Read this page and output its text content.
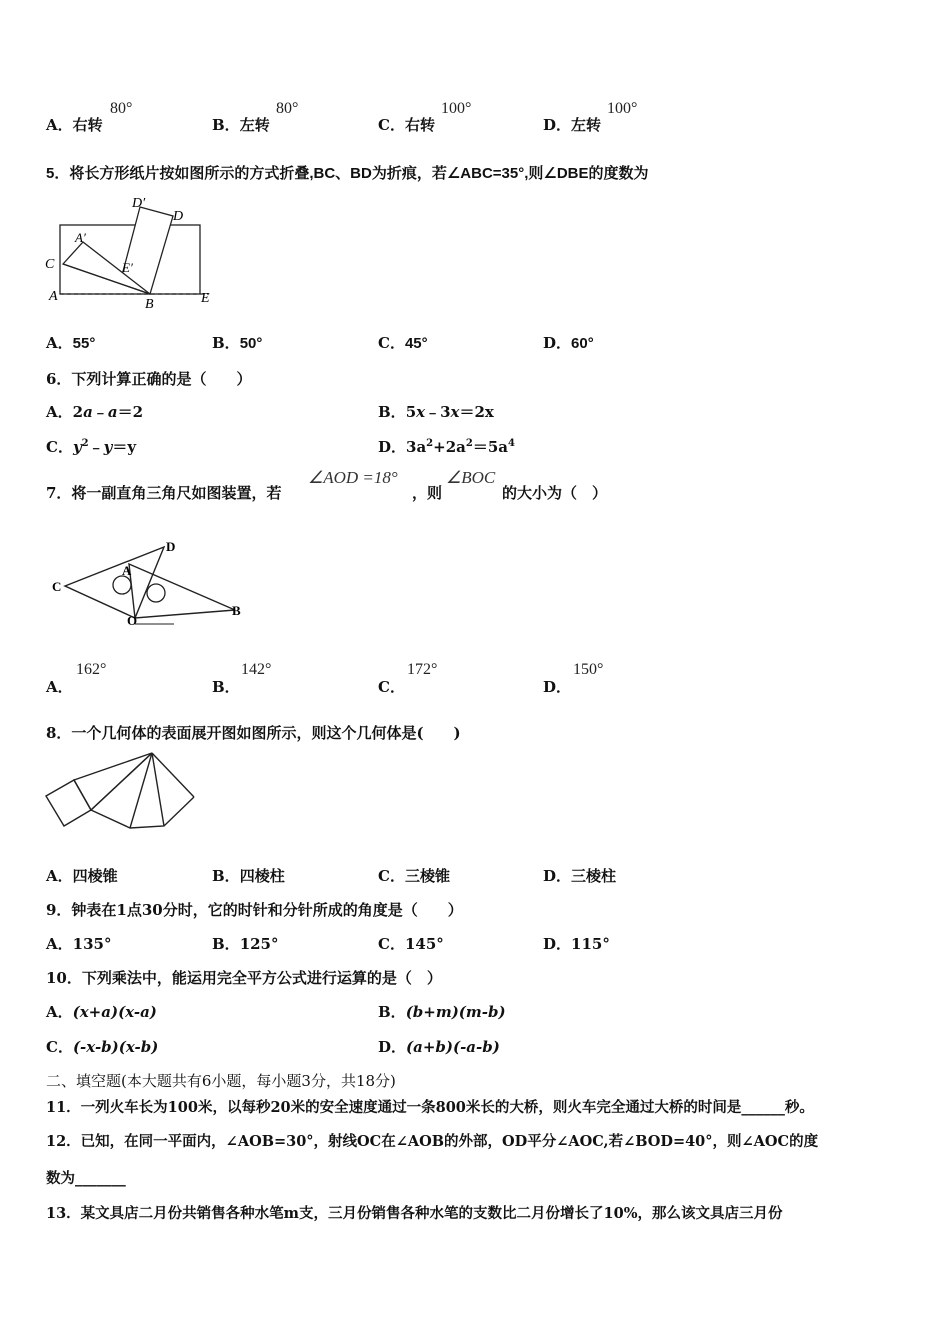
A．右转
80°
B．左转
80°
C．右转
100°
D．左转
100°
5．将长方形纸片按如图所示的方式折叠,BC、BD为折痕，若∠ABC=35°,则∠DBE的度数为
D′
D
A′
C	E′
A
B	E
A．55°	B．50°	C．45°	D．60°
6．下列计算正确的是（　　）
A．2a﹣a＝2	B．5x﹣3x＝2x
C．$y^2﹣y=y$	D．$3a^2+2a^2=5a^4$
7．将一副直角三角尺如图装置，若
∠AOD =18°
，则
∠BOC
的大小为（　）
C
D
A
O
B
A．
162°
B．
142°
C．
172°
D．
150°
8．一个几何体的表面展开图如图所示，则这个几何体是(　　)
A．四棱锥	B．四棱柱	C．三棱锥	D．三棱柱
9．钟表在1点30分时，它的时针和分针所成的角度是（　　）
A．135°	B．125°	C．145°	D．115°
10．下列乘法中，能运用完全平方公式进行运算的是（　）
A．(x+a)(x-a)	B．(b+m)(m-b)
C．(-x-b)(x-b)	D．(a+b)(-a-b)
二、填空题(本大题共有6小题，每小题3分，共18分)
11．一列火车长为100米，以每秒20米的安全速度通过一条800米长的大桥，则火车完全通过大桥的时间是______秒。
12．已知，在同一平面内，∠AOB=30°，射线OC在∠AOB的外部，OD平分∠AOC,若∠BOD=40°，则∠AOC的度
数为_______
13．某文具店二月份共销售各种水笔m支，三月份销售各种水笔的支数比二月份增长了10%，那么该文具店三月份
